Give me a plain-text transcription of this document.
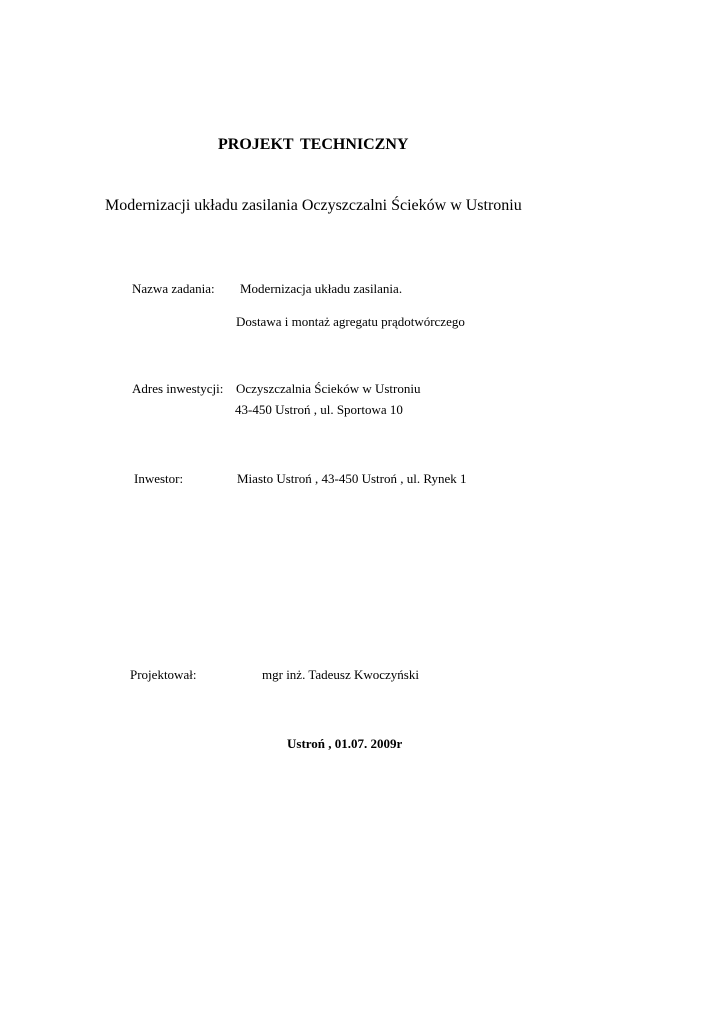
PROJEKT TECHNICZNY
Modernizacji układu zasilania Oczyszczalni Ścieków w Ustroniu
Nazwa zadania: Modernizacja układu zasilania.
Dostawa i montaż agregatu prądotwórczego
Adres inwestycji: Oczyszczalnia Ścieków w Ustroniu
43-450 Ustroń , ul. Sportowa 10
Inwestor:	Miasto Ustroń , 43-450 Ustroń , ul. Rynek 1
Projektował:	mgr inż. Tadeusz Kwoczyński
Ustroń , 01.07. 2009r
